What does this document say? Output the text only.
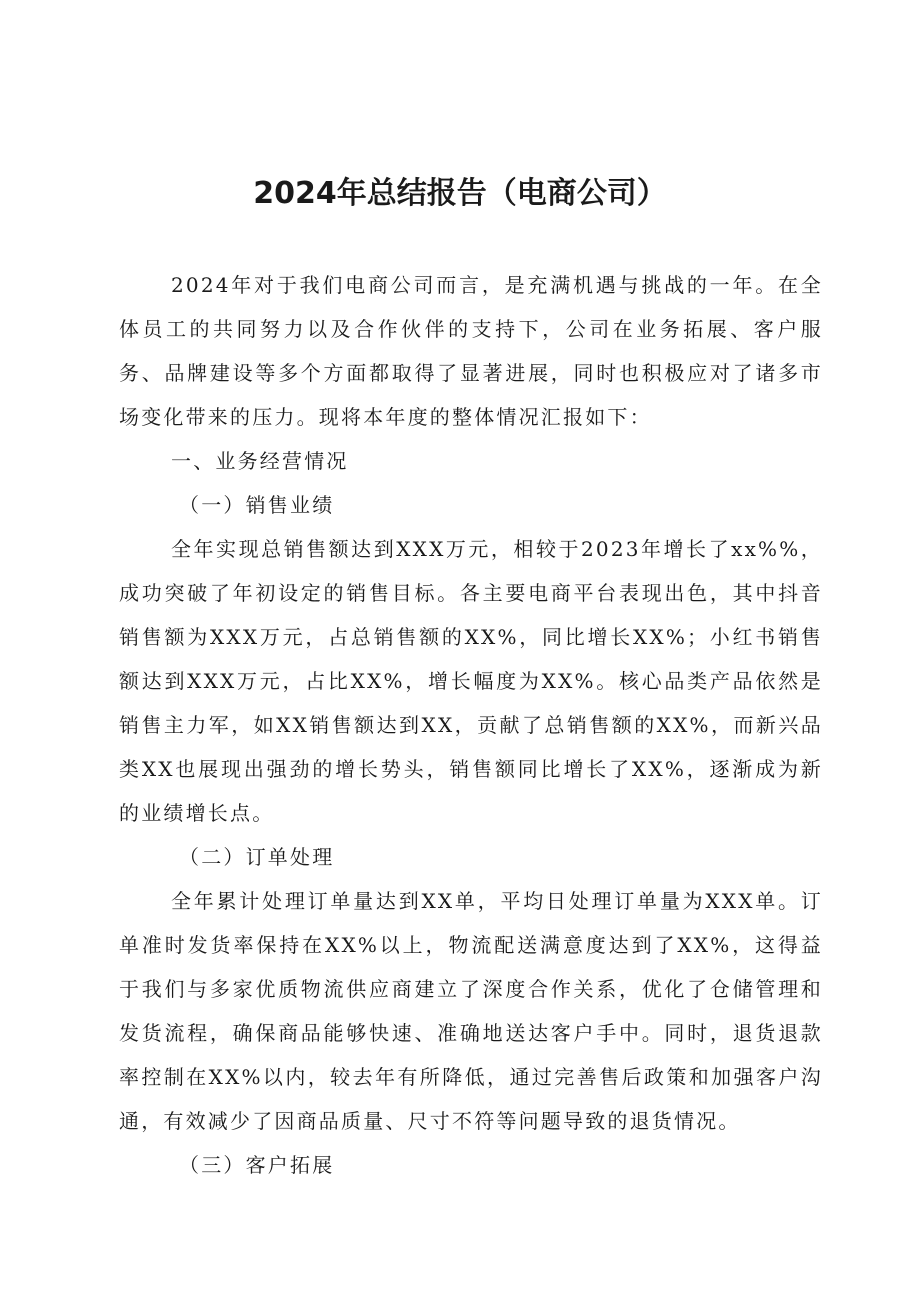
2024年总结报告（电商公司）

2024年对于我们电商公司而言，是充满机遇与挑战的一年。在全体员工的共同努力以及合作伙伴的支持下，公司在业务拓展、客户服务、品牌建设等多个方面都取得了显著进展，同时也积极应对了诸多市场变化带来的压力。现将本年度的整体情况汇报如下：

一、业务经营情况

（一）销售业绩

全年实现总销售额达到XXX万元，相较于2023年增长了xx%%，成功突破了年初设定的销售目标。各主要电商平台表现出色，其中抖音销售额为XXX万元，占总销售额的XX%，同比增长XX%；小红书销售额达到XXX万元，占比XX%，增长幅度为XX%。核心品类产品依然是销售主力军，如XX销售额达到XX，贡献了总销售额的XX%，而新兴品类XX也展现出强劲的增长势头，销售额同比增长了XX%，逐渐成为新的业绩增长点。

（二）订单处理

全年累计处理订单量达到XX单，平均日处理订单量为XXX单。订单准时发货率保持在XX%以上，物流配送满意度达到了XX%，这得益于我们与多家优质物流供应商建立了深度合作关系，优化了仓储管理和发货流程，确保商品能够快速、准确地送达客户手中。同时，退货退款率控制在XX%以内，较去年有所降低，通过完善售后政策和加强客户沟通，有效减少了因商品质量、尺寸不符等问题导致的退货情况。

（三）客户拓展
